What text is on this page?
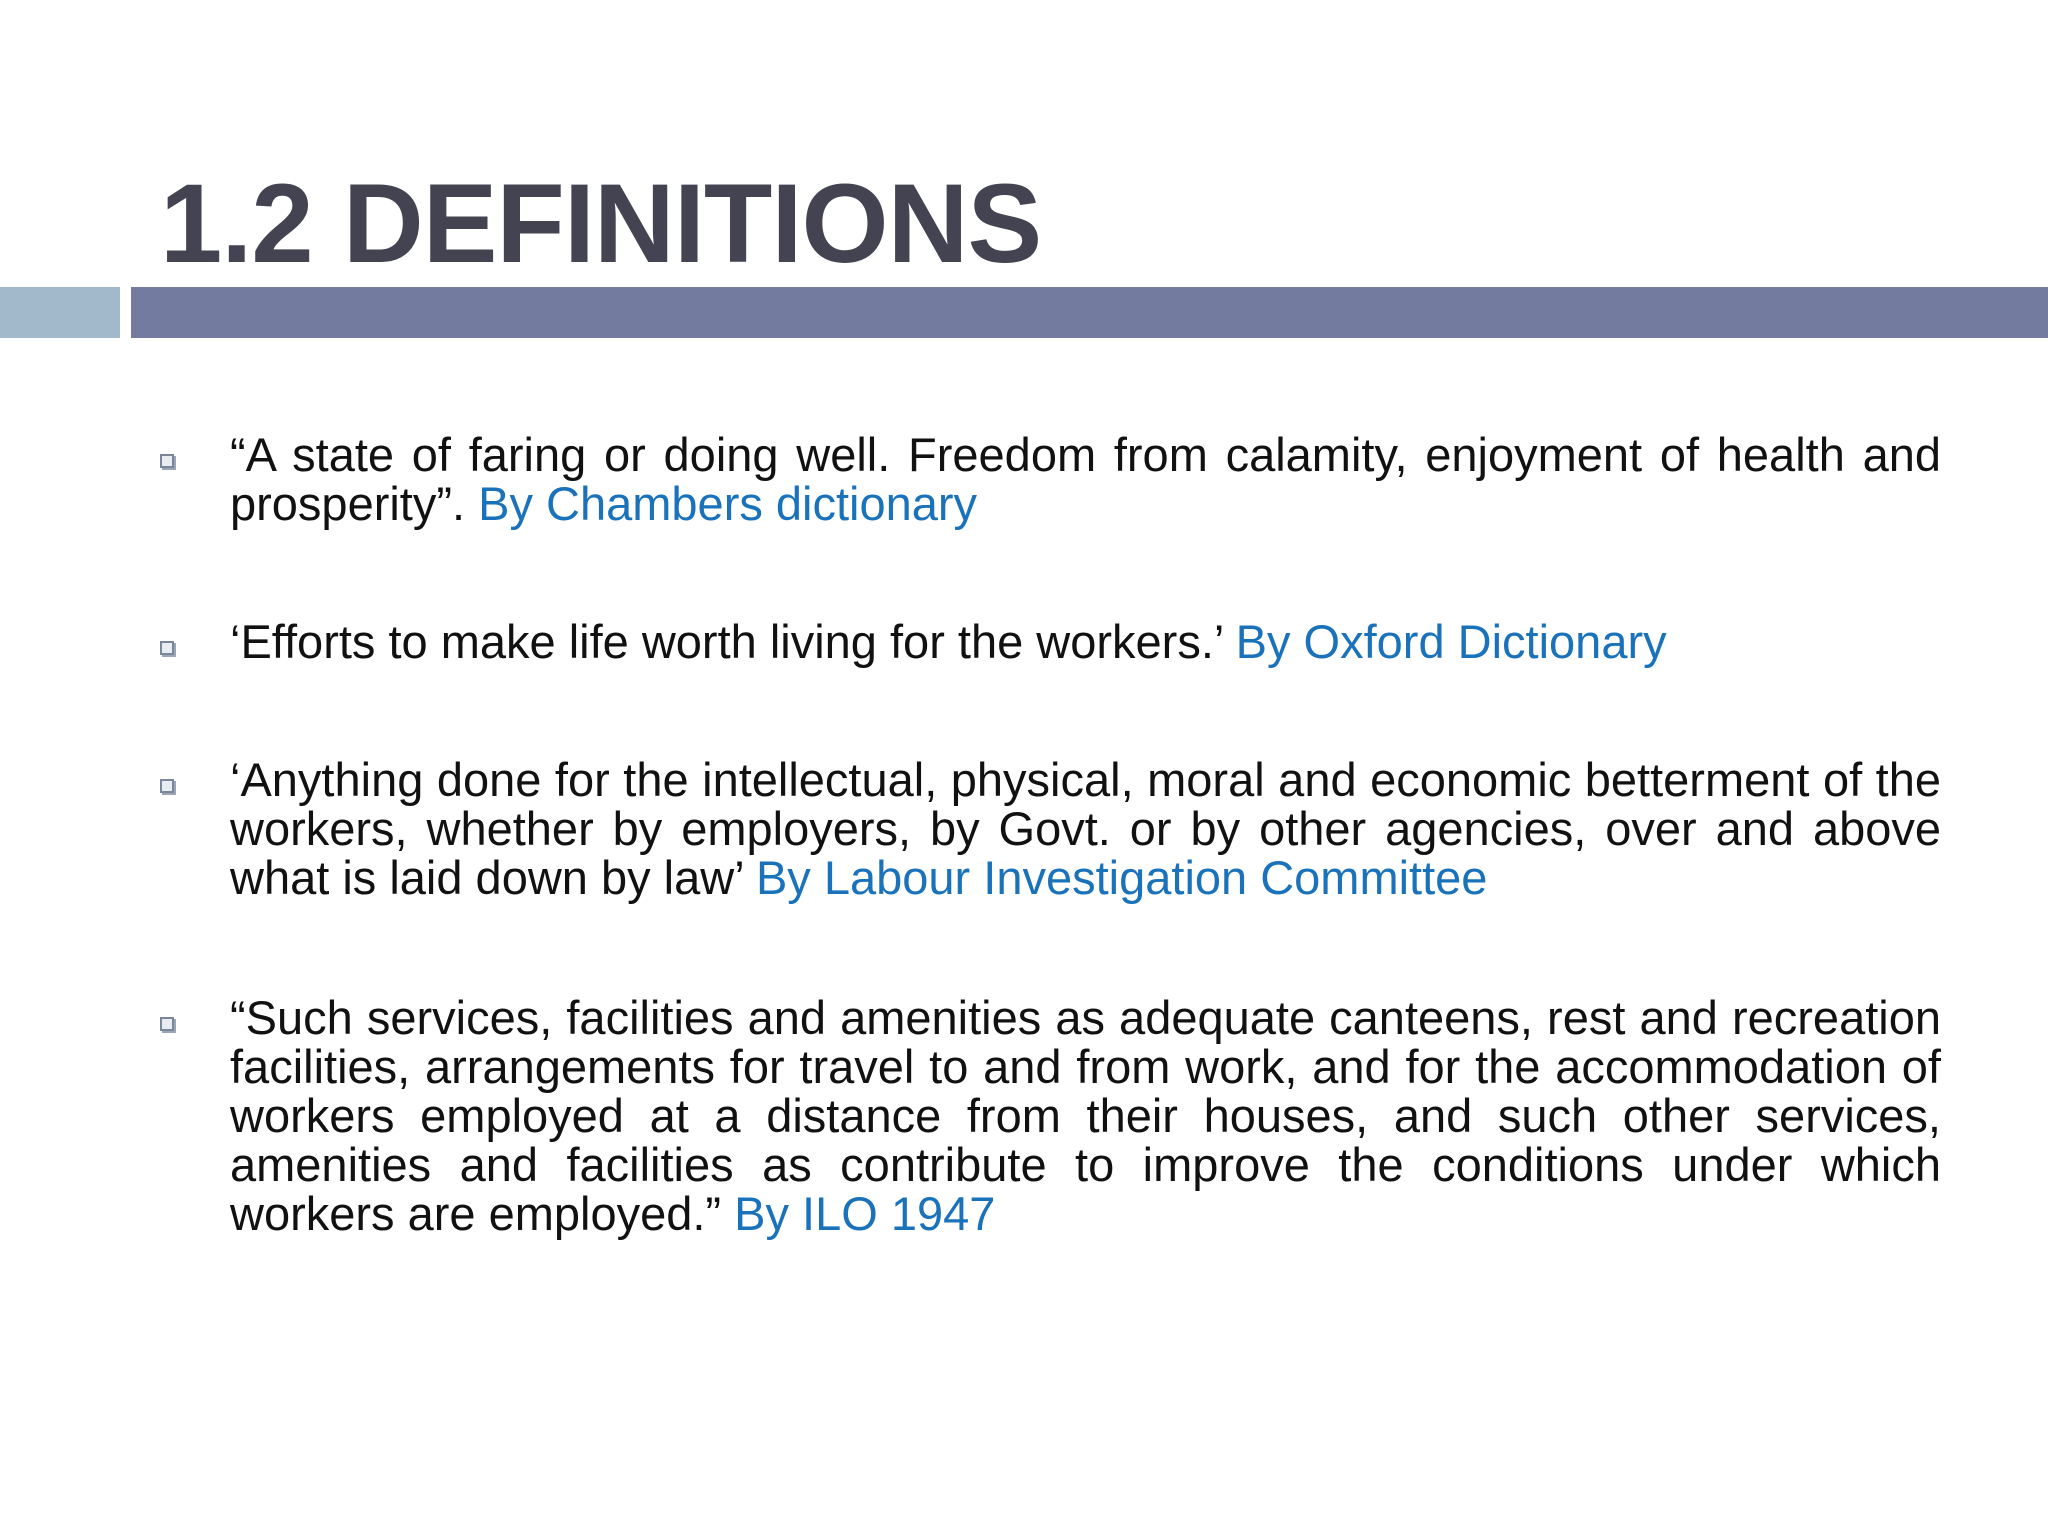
1.2 DEFINITIONS
“A state of faring or doing well. Freedom from calamity, enjoyment of health and prosperity”. By Chambers dictionary
‘Efforts to make life worth living for the workers.’ By Oxford Dictionary
‘Anything done for the intellectual, physical, moral and economic betterment of the workers, whether by employers, by Govt. or by other agencies, over and above what is laid down by law’ By Labour Investigation Committee
“Such services, facilities and amenities as adequate canteens, rest and recreation facilities, arrangements for travel to and from work, and for the accommodation of workers employed at a distance from their houses, and such other services, amenities and facilities as contribute to improve the conditions under which workers are employed.” By ILO 1947
